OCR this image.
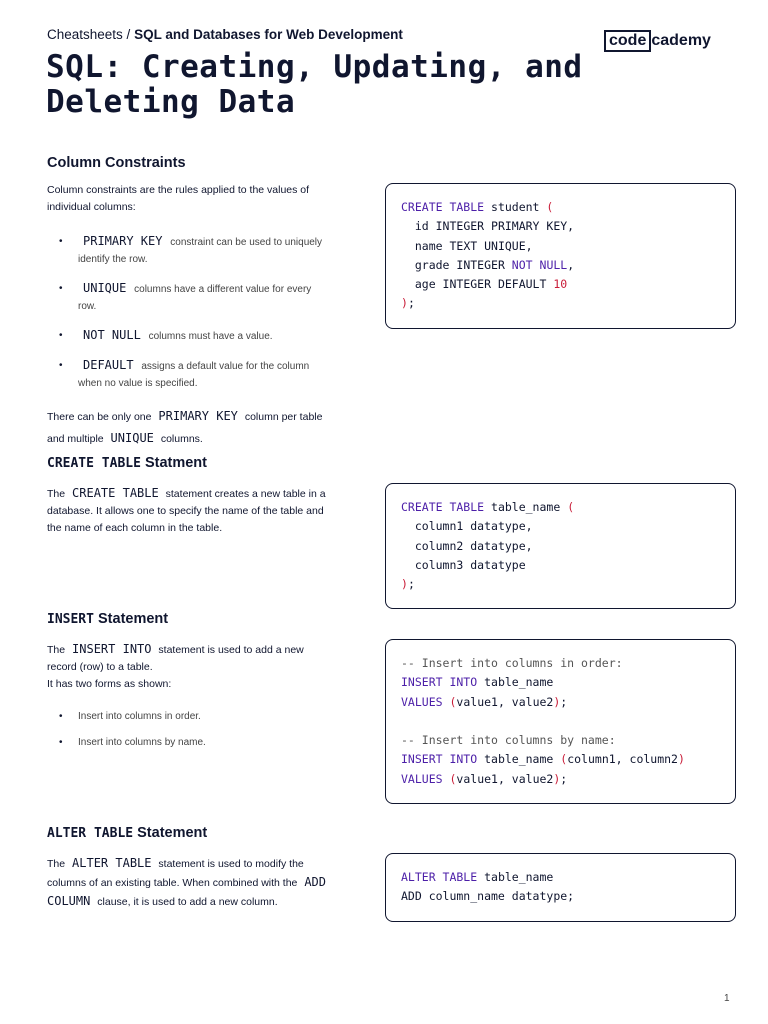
Cheatsheets / SQL and Databases for Web Development	code cademy
SQL: Creating, Updating, and Deleting Data
Column Constraints
Column constraints are the rules applied to the values of individual columns:
• PRIMARY KEY constraint can be used to uniquely identify the row.
• UNIQUE columns have a different value for every row.
• NOT NULL columns must have a value.
• DEFAULT assigns a default value for the column when no value is specified.
There can be only one PRIMARY KEY column per table and multiple UNIQUE columns.
CREATE TABLE student (
id INTEGER PRIMARY KEY,
name TEXT UNIQUE,
grade INTEGER NOT NULL,
age INTEGER DEFAULT 10
);
CREATE TABLE Statment
The CREATE TABLE statement creates a new table in a database. It allows one to specify the name of the table and the name of each column in the table.
CREATE TABLE table_name (
column1 datatype,
column2 datatype,
column3 datatype
);
INSERT Statement
The INSERT INTO statement is used to add a new record (row) to a table.
It has two forms as shown:
• Insert into columns in order.
• Insert into columns by name.
-- Insert into columns in order:
INSERT INTO table_name
VALUES (value1, value2);

-- Insert into columns by name:
INSERT INTO table_name (column1, column2)
VALUES (value1, value2);
ALTER TABLE Statement
The ALTER TABLE statement is used to modify the columns of an existing table. When combined with the ADD COLUMN clause, it is used to add a new column.
ALTER TABLE table_name
ADD column_name datatype;
1
